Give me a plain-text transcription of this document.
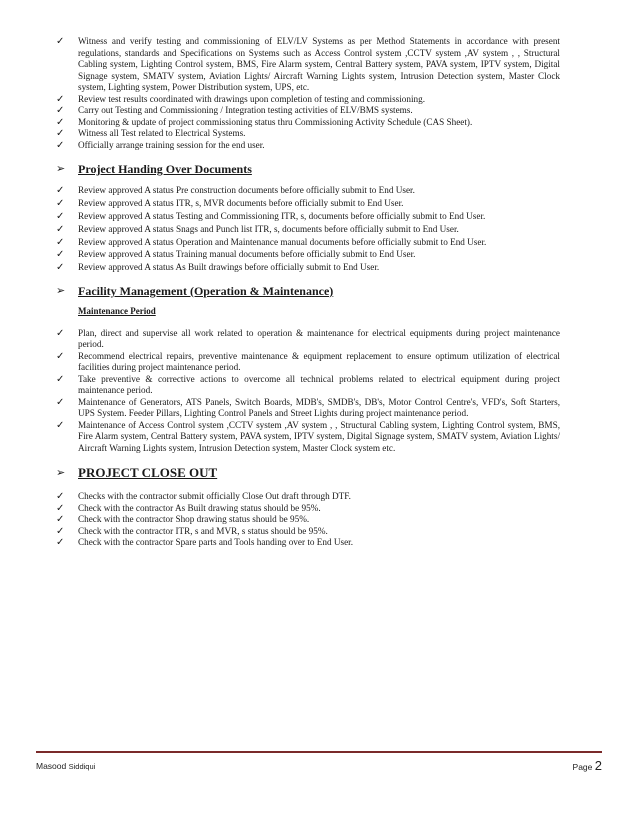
✓ Witness and verify testing and commissioning of ELV/LV Systems as per Method Statements in accordance with present regulations, standards and Specifications on Systems such as Access Control system ,CCTV system ,AV system , , Structural Cabling system, Lighting Control system, BMS, Fire Alarm system, Central Battery system, PAVA system, IPTV system, Digital Signage system, SMATV system, Aviation Lights/ Aircraft Warning Lights system, Intrusion Detection system, Master Clock system, Lighting system, Power Distribution system, UPS, etc.
✓ Review test results coordinated with drawings upon completion of testing and commissioning.
✓ Carry out Testing and Commissioning / Integration testing activities of ELV/BMS systems.
✓ Monitoring & update of project commissioning status thru Commissioning Activity Schedule (CAS Sheet).
✓ Witness all Test related to Electrical Systems.
✓ Officially arrange training session for the end user.
➢ Project Handing Over Documents
✓ Review approved A status Pre construction documents before officially submit to End User.
✓ Review approved A status ITR, s, MVR documents before officially submit to End User.
✓ Review approved A status Testing and Commissioning ITR, s, documents before officially submit to End User.
✓ Review approved A status Snags and Punch list ITR, s, documents before officially submit to End User.
✓ Review approved A status Operation and Maintenance manual documents before officially submit to End User.
✓ Review approved A status Training manual documents before officially submit to End User.
✓ Review approved A status As Built drawings before officially submit to End User.
➢ Facility Management (Operation & Maintenance)
Maintenance Period
✓ Plan, direct and supervise all work related to operation & maintenance for electrical equipments during project maintenance period.
✓ Recommend electrical repairs, preventive maintenance & equipment replacement to ensure optimum utilization of electrical facilities during project maintenance period.
✓ Take preventive & corrective actions to overcome all technical problems related to electrical equipment during project maintenance period.
✓ Maintenance of Generators, ATS Panels, Switch Boards, MDB's, SMDB's, DB's, Motor Control Centre's, VFD's, Soft Starters, UPS System. Feeder Pillars, Lighting Control Panels and Street Lights during project maintenance period.
✓ Maintenance of Access Control system ,CCTV system ,AV system , , Structural Cabling system, Lighting Control system, BMS, Fire Alarm system, Central Battery system, PAVA system, IPTV system, Digital Signage system, SMATV system, Aviation Lights/ Aircraft Warning Lights system, Intrusion Detection system, Master Clock system etc.
➢ PROJECT CLOSE OUT
✓ Checks with the contractor submit officially Close Out draft through DTF.
✓ Check with the contractor As Built drawing status should be 95%.
✓ Check with the contractor Shop drawing status should be 95%.
✓ Check with the contractor ITR, s and MVR, s status should be 95%.
✓ Check with the contractor Spare parts and Tools handing over to End User.
Masood Siddiqui	Page 2
